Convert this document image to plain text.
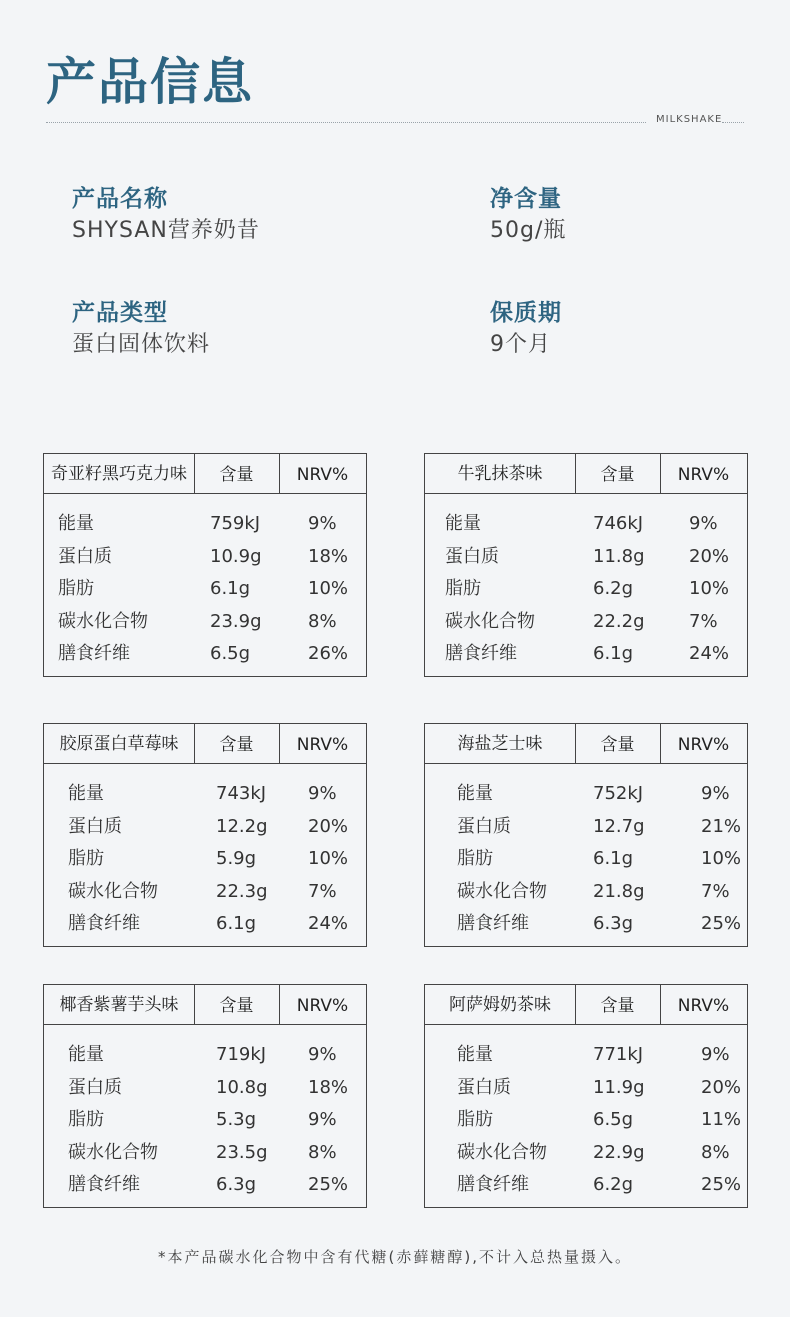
产品信息
MILKSHAKE
产品名称
SHYSAN营养奶昔
净含量
50g/瓶
产品类型
蛋白固体饮料
保质期
9个月
奇亚籽黑巧克力味	含量	NRV%
能量	759kJ	9%
蛋白质	10.9g	18%
脂肪	6.1g	10%
碳水化合物	23.9g	8%
膳食纤维	6.5g	26%
牛乳抹茶味	含量	NRV%
能量	746kJ	9%
蛋白质	11.8g 20%
脂肪	6.2g	10%
碳水化合物	22.2g 7%
膳食纤维	6.1g	24%
胶原蛋白草莓味	含量	NRV%
能量	743kJ 9%
蛋白质	12.2g 20%
脂肪	5.9g	10%
碳水化合物	22.3g 7%
膳食纤维	6.1g	24%
海盐芝士味	含量	NRV%
能量	752kJ	9%
蛋白质	12.7g	21%
脂肪	6.1g	10%
碳水化合物	21.8g	7%
膳食纤维	6.3g	25%
椰香紫薯芋头味	含量	NRV%
能量	719kJ 9%
蛋白质	10.8g 18%
脂肪	5.3g	9%
碳水化合物	23.5g 8%
膳食纤维	6.3g	25%
阿萨姆奶茶味	含量	NRV%
能量	771kJ	9%
蛋白质	11.9g	20%
脂肪	6.5g	11%
碳水化合物	22.9g	8%
膳食纤维	6.2g	25%
*本产品碳水化合物中含有代糖(赤藓糖醇),不计入总热量摄入。
